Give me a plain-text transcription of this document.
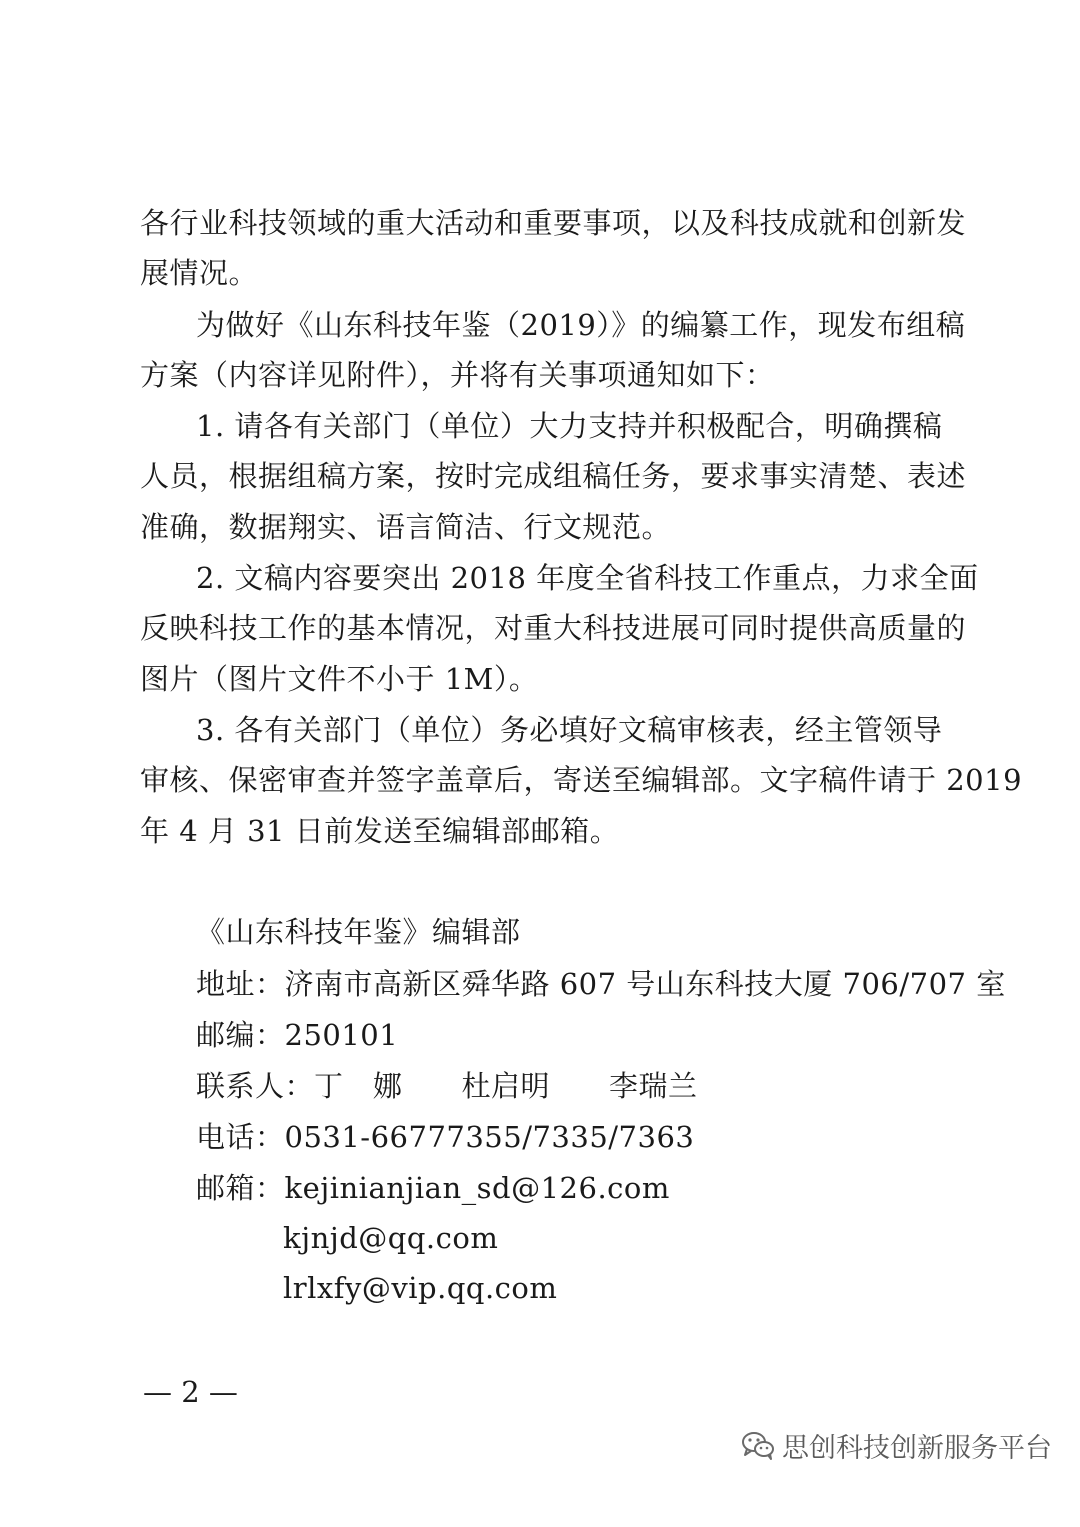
各行业科技领域的重大活动和重要事项，以及科技成就和创新发
展情况。
为做好《山东科技年鉴（2019）》的编纂工作，现发布组稿
方案（内容详见附件），并将有关事项通知如下：
1. 请各有关部门（单位）大力支持并积极配合，明确撰稿
人员，根据组稿方案，按时完成组稿任务，要求事实清楚、表述
准确，数据翔实、语言简洁、行文规范。
2. 文稿内容要突出 2018 年度全省科技工作重点，力求全面
反映科技工作的基本情况，对重大科技进展可同时提供高质量的
图片（图片文件不小于 1M）。
3. 各有关部门（单位）务必填好文稿审核表，经主管领导
审核、保密审查并签字盖章后，寄送至编辑部。文字稿件请于 2019
年 4 月 31 日前发送至编辑部邮箱。
《山东科技年鉴》编辑部
地址：济南市高新区舜华路 607 号山东科技大厦 706/707 室
邮编：250101
联系人：丁　娜　　杜启明　　李瑞兰
电话：0531-66777355/7335/7363
邮箱：kejinianjian_sd@126.com
kjnjd@qq.com
lrlxfy@vip.qq.com
— 2 —
思创科技创新服务平台
